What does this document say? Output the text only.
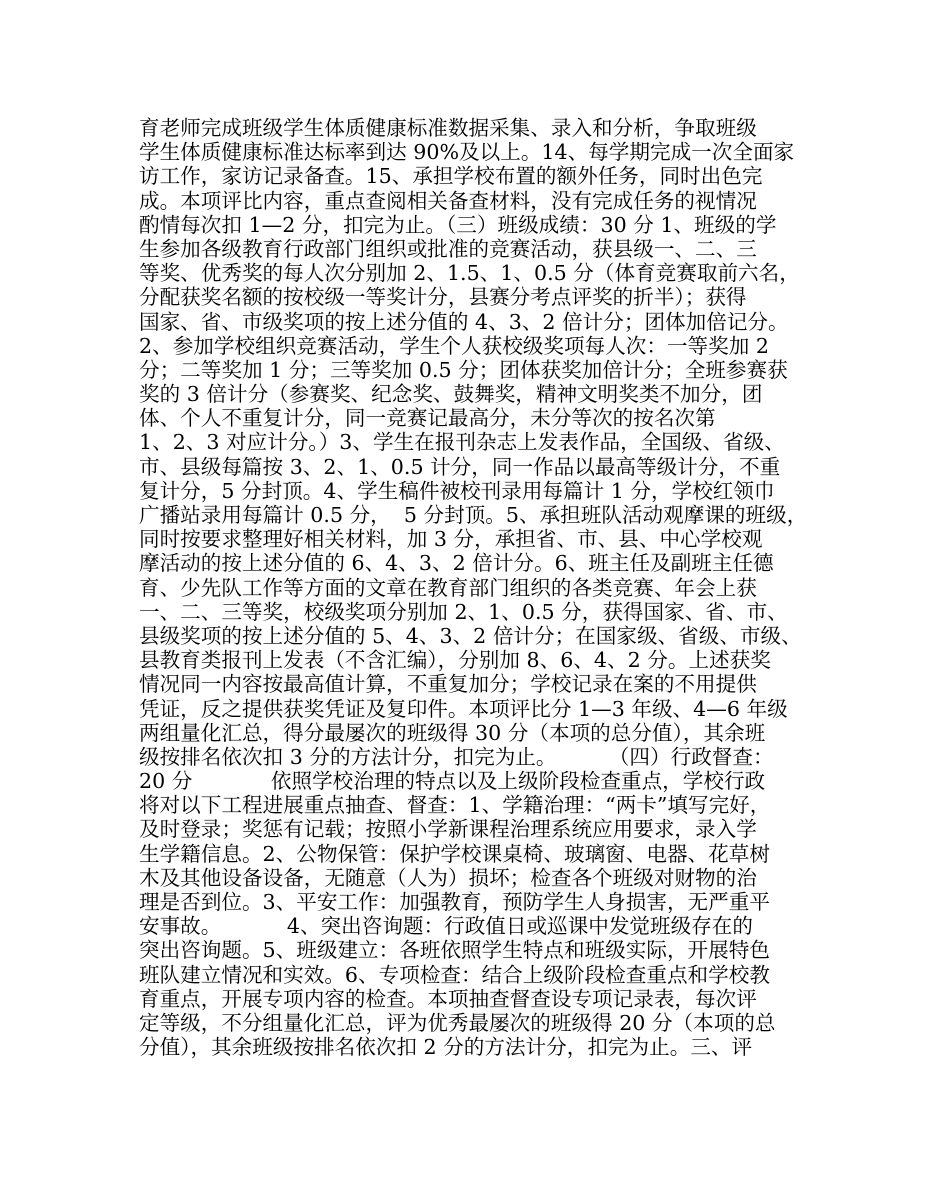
育老师完成班级学生体质健康标准数据采集、录入和分析，争取班级
学生体质健康标准达标率到达 90%及以上。14、每学期完成一次全面家
访工作，家访记录备查。15、承担学校布置的额外任务，同时出色完
成。本项评比内容，重点查阅相关备查材料，没有完成任务的视情况
酌情每次扣 1—2 分，扣完为止。（三）班级成绩：30 分 1、班级的学
生参加各级教育行政部门组织或批准的竞赛活动，获县级一、二、三
等奖、优秀奖的每人次分别加 2、1.5、1、0.5 分（体育竞赛取前六名，
分配获奖名额的按校级一等奖计分，县赛分考点评奖的折半）；获得
国家、省、市级奖项的按上述分值的 4、3、2 倍计分；团体加倍记分。
2、参加学校组织竞赛活动，学生个人获校级奖项每人次：一等奖加 2
分；二等奖加 1 分；三等奖加 0.5 分；团体获奖加倍计分；全班参赛获
奖的 3 倍计分（参赛奖、纪念奖、鼓舞奖，精神文明奖类不加分，团
体、个人不重复计分，同一竞赛记最高分，未分等次的按名次第
1、2、3 对应计分。）3、学生在报刊杂志上发表作品，全国级、省级、
市、县级每篇按 3、2、1、0.5 计分，同一作品以最高等级计分，不重
复计分，5 分封顶。4、学生稿件被校刊录用每篇计 1 分，学校红领巾
广播站录用每篇计 0.5 分，  5 分封顶。5、承担班队活动观摩课的班级，
同时按要求整理好相关材料，加 3 分，承担省、市、县、中心学校观
摩活动的按上述分值的 6、4、3、2 倍计分。6、班主任及副班主任德
育、少先队工作等方面的文章在教育部门组织的各类竞赛、年会上获
一、二、三等奖，校级奖项分别加 2、1、0.5 分，获得国家、省、市、
县级奖项的按上述分值的 5、4、3、2 倍计分；在国家级、省级、市级、
县教育类报刊上发表（不含汇编），分别加 8、6、4、2 分。上述获奖
情况同一内容按最高值计算，不重复加分；学校记录在案的不用提供
凭证，反之提供获奖凭证及复印件。本项评比分 1—3 年级、4—6 年级
两组量化汇总，得分最屡次的班级得 30 分（本项的总分值），其余班
级按排名依次扣 3 分的方法计分，扣完为止。        （四）行政督查：
20 分            依照学校治理的特点以及上级阶段检查重点，学校行政
将对以下工程进展重点抽查、督查：1、学籍治理：“两卡”填写完好，
及时登录；奖惩有记载；按照小学新课程治理系统应用要求，录入学
生学籍信息。2、公物保管：保护学校课桌椅、玻璃窗、电器、花草树
木及其他设备设备，无随意（人为）损坏；检查各个班级对财物的治
理是否到位。3、平安工作：加强教育，预防学生人身损害，无严重平
安事故。          4、突出咨询题：行政值日或巡课中发觉班级存在的
突出咨询题。5、班级建立：各班依照学生特点和班级实际，开展特色
班队建立情况和实效。6、专项检查：结合上级阶段检查重点和学校教
育重点，开展专项内容的检查。本项抽查督查设专项记录表，每次评
定等级，不分组量化汇总，评为优秀最屡次的班级得 20 分（本项的总
分值），其余班级按排名依次扣 2 分的方法计分，扣完为止。三、评
